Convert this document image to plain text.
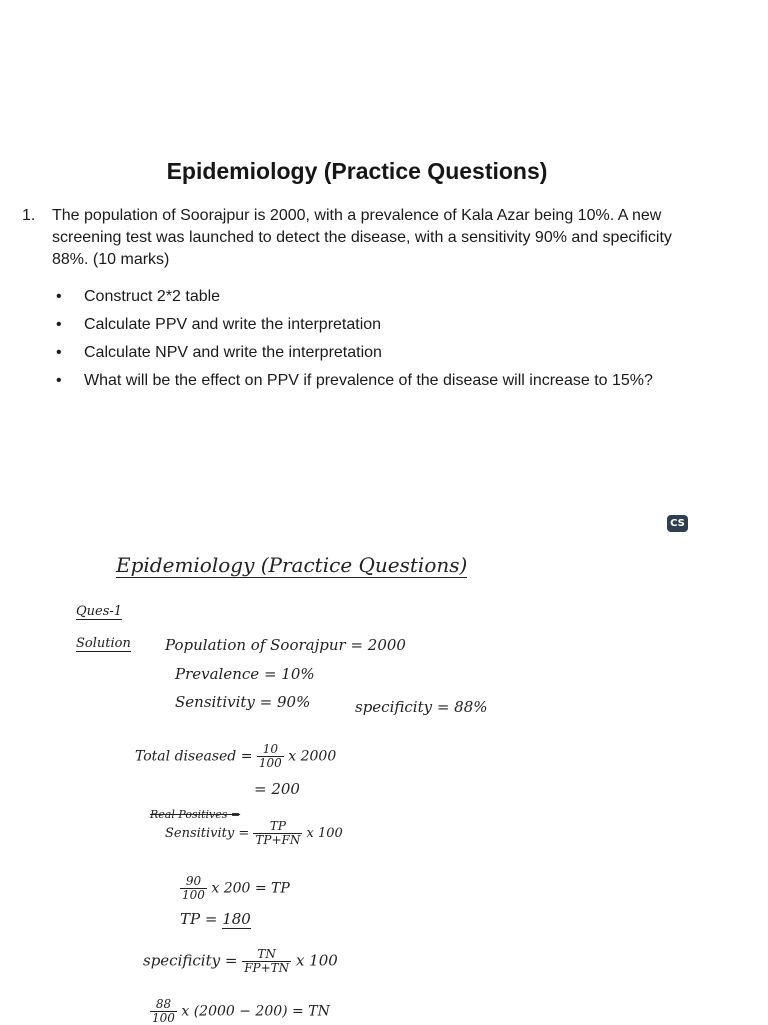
Epidemiology (Practice Questions)
1. The population of Soorajpur is 2000, with a prevalence of Kala Azar being 10%. A new screening test was launched to detect the disease, with a sensitivity 90% and specificity 88%. (10 marks)
• Construct 2*2 table
• Calculate PPV and write the interpretation
• Calculate NPV and write the interpretation
• What will be the effect on PPV if prevalence of the disease will increase to 15%?
CS
Epidemiology (Practice Questions)
Ques-1
Solution Population of Soorajpur = 2000
Prevalence = 10%
Sensitivity = 90%	specificity = 88%
Total diseased = $\frac{10}{100}$ x 2000
= 200
Real Positives =
Sensitivity = $\frac{TP}{TP+FN}$ x 100
$\frac{90}{100}$ x 200 = TP
TP = 180
specificity = $\frac{TN}{FP+TN}$ x 100
$\frac{88}{100}$ x (2000 − 200) = TN
